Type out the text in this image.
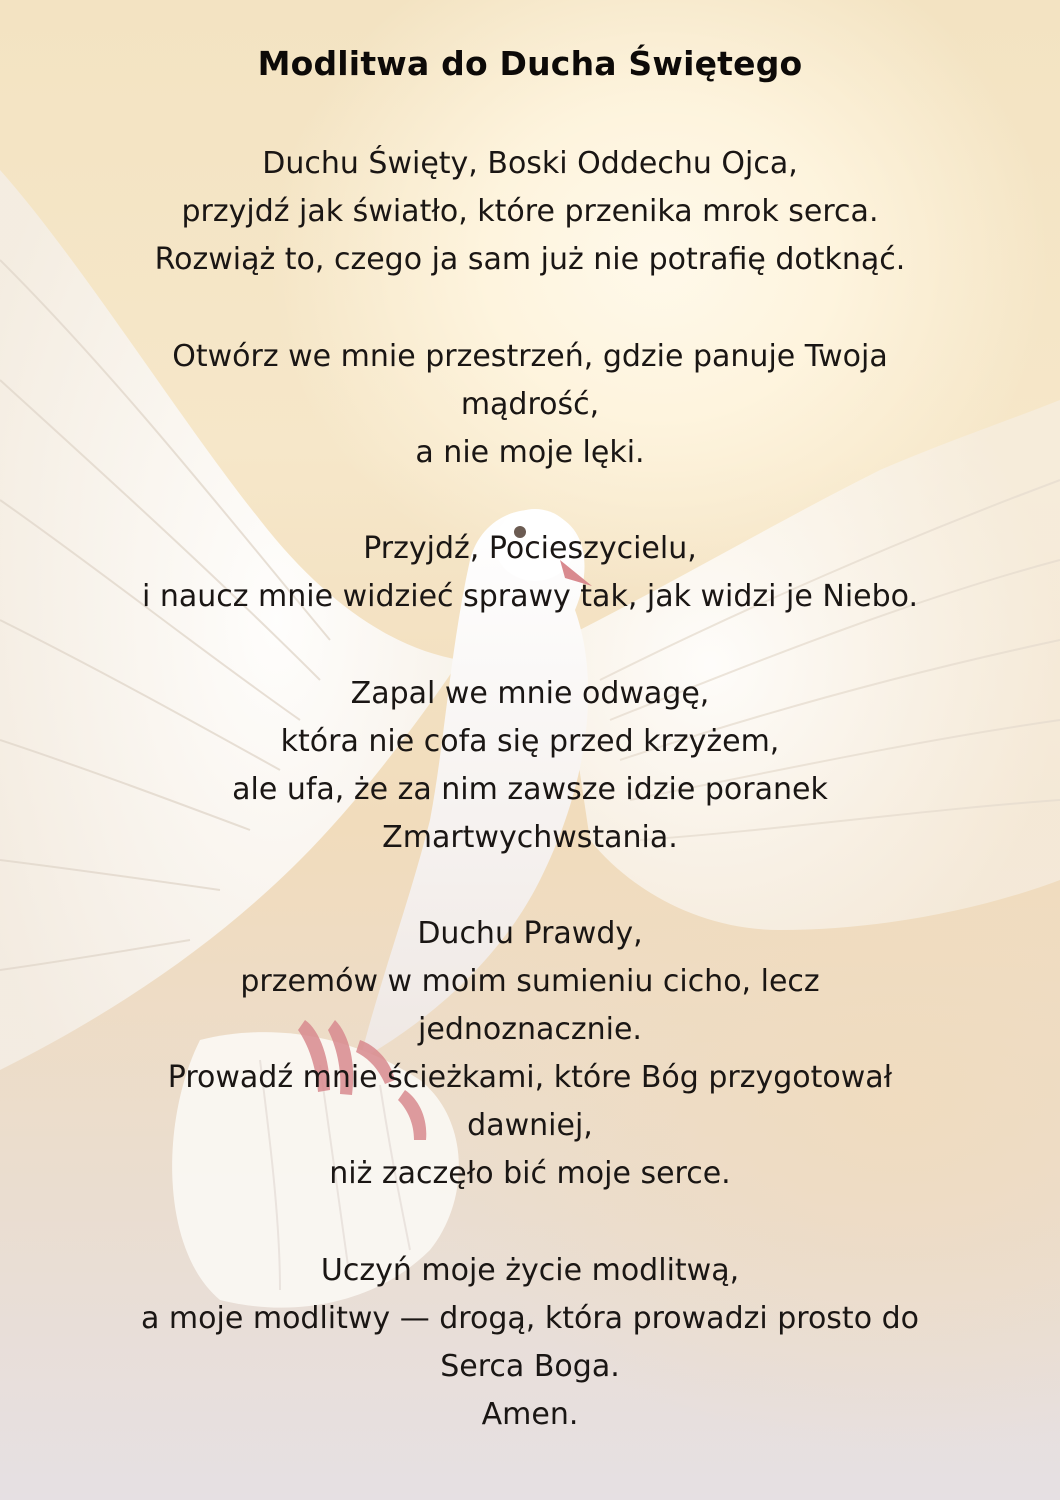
Modlitwa do Ducha Świętego
Duchu Święty, Boski Oddechu Ojca,
przyjdź jak światło, które przenika mrok serca.
Rozwiąż to, czego ja sam już nie potrafię dotknąć.
Otwórz we mnie przestrzeń, gdzie panuje Twoja
mądrość,
a nie moje lęki.
Przyjdź, Pocieszycielu,
i naucz mnie widzieć sprawy tak, jak widzi je Niebo.
Zapal we mnie odwagę,
która nie cofa się przed krzyżem,
ale ufa, że za nim zawsze idzie poranek
Zmartwychwstania.
Duchu Prawdy,
przemów w moim sumieniu cicho, lecz
jednoznacznie.
Prowadź mnie ścieżkami, które Bóg przygotował
dawniej,
niż zaczęło bić moje serce.
Uczyń moje życie modlitwą,
a moje modlitwy — drogą, która prowadzi prosto do
Serca Boga.
Amen.
